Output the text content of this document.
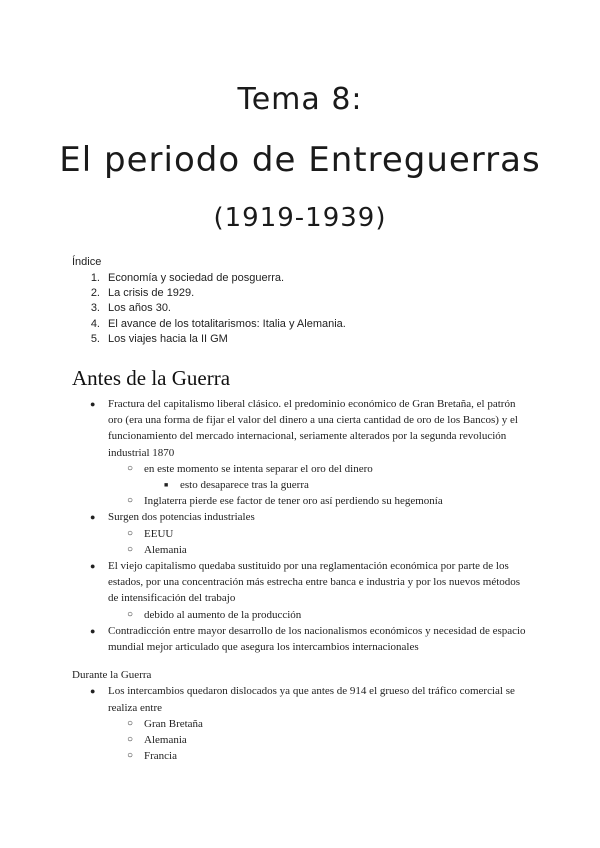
Tema 8:
El periodo de Entreguerras
(1919-1939)
Índice
1. Economía y sociedad de posguerra.
2. La crisis de 1929.
3. Los años 30.
4. El avance de los totalitarismos: Italia y Alemania.
5. Los viajes hacia la II GM
Antes de la Guerra
● Fractura del capitalismo liberal clásico. el predominio económico de Gran Bretaña, el patrón oro (era una forma de fijar el valor del dinero a una cierta cantidad de oro de los Bancos) y el funcionamiento del mercado internacional, seriamente alterados por la segunda revolución industrial 1870
○ en este momento se intenta separar el oro del dinero
■ esto desaparece tras la guerra
○ Inglaterra pierde ese factor de tener oro así perdiendo su hegemonía
● Surgen dos potencias industriales
○ EEUU
○ Alemania
● El viejo capitalismo quedaba sustituido por una reglamentación económica por parte de los estados, por una concentración más estrecha entre banca e industria y por los nuevos métodos de intensificación del trabajo
○ debido al aumento de la producción
● Contradicción entre mayor desarrollo de los nacionalismos económicos y necesidad de espacio mundial mejor articulado que asegura los intercambios internacionales
Durante la Guerra
● Los intercambios quedaron dislocados ya que antes de 914 el grueso del tráfico comercial se realiza entre
○ Gran Bretaña
○ Alemania
○ Francia
